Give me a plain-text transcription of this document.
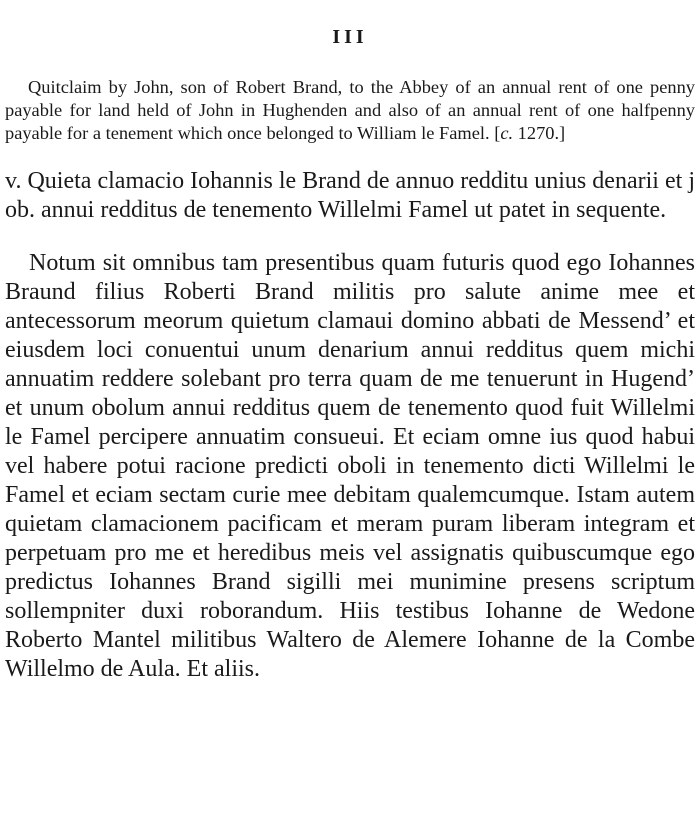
III

Quitclaim by John, son of Robert Brand, to the Abbey of an annual rent of one penny payable for land held of John in Hughenden and also of an annual rent of one halfpenny payable for a tenement which once belonged to William le Famel. [c. 1270.]

v. Quieta clamacio Iohannis le Brand de annuo redditu unius denarii et j ob. annui redditus de tenemento Willelmi Famel ut patet in sequente.

Notum sit omnibus tam presentibus quam futuris quod ego Iohannes Braund filius Roberti Brand militis pro salute anime mee et antecessorum meorum quietum clamaui domino abbati de Messend’ et eiusdem loci conuentui unum denarium annui redditus quem michi annuatim reddere solebant pro terra quam de me tenuerunt in Hugend’ et unum obolum annui redditus quem de tenemento quod fuit Willelmi le Famel percipere annuatim consueui. Et eciam omne ius quod habui vel habere potui racione predicti oboli in tenemento dicti Willelmi le Famel et eciam sectam curie mee debitam qualemcumque. Istam autem quietam clamacionem pacificam et meram puram liberam integram et perpetuam pro me et heredibus meis vel assignatis quibuscumque ego predictus Iohannes Brand sigilli mei munimine presens scriptum sollempniter duxi roborandum. Hiis testibus Iohanne de Wedone Roberto Mantel militibus Waltero de Alemere Iohanne de la Combe Willelmo de Aula. Et aliis.
